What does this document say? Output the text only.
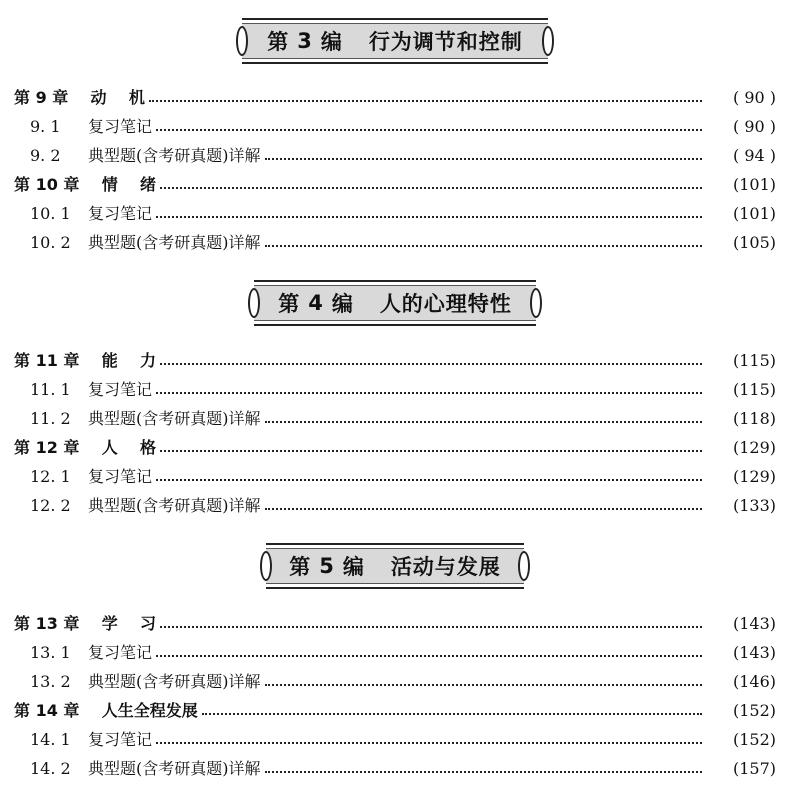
第 3 编 行为调节和控制
第 4 编 人的心理特性
第 5 编 活动与发展
第 9 章    动    机	( 90 )
9. 1 复习笔记	( 90 )
9. 2 典型题(含考研真题)详解	( 94 )
第 10 章    情    绪	(101)
10. 1 复习笔记	(101)
10. 2 典型题(含考研真题)详解	(105)
第 11 章    能    力	(115)
11. 1 复习笔记	(115)
11. 2 典型题(含考研真题)详解	(118)
第 12 章    人    格	(129)
12. 1 复习笔记	(129)
12. 2 典型题(含考研真题)详解	(133)
第 13 章    学    习	(143)
13. 1 复习笔记	(143)
13. 2 典型题(含考研真题)详解	(146)
第 14 章    人生全程发展	(152)
14. 1 复习笔记	(152)
14. 2 典型题(含考研真题)详解	(157)
